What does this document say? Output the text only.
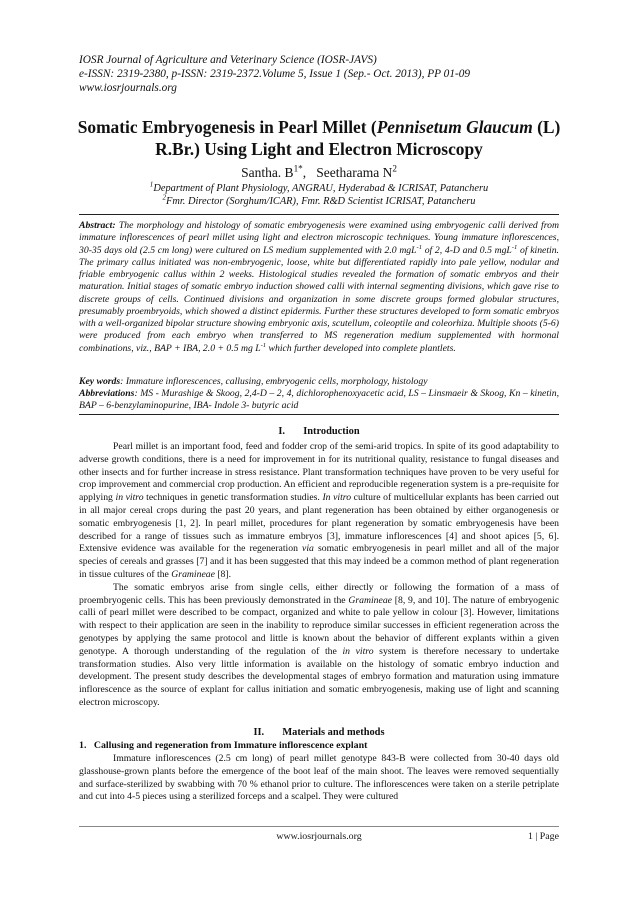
IOSR Journal of Agriculture and Veterinary Science (IOSR-JAVS)
e-ISSN: 2319-2380, p-ISSN: 2319-2372.Volume 5, Issue 1 (Sep.- Oct. 2013), PP 01-09
www.iosrjournals.org
Somatic Embryogenesis in Pearl Millet (Pennisetum Glaucum (L) R.Br.) Using Light and Electron Microscopy
Santha. $B^{1*}$,   Seetharama $N^2$
$^1$Department of Plant Physiology, ANGRAU, Hyderabad & ICRISAT, Patancheru
$^2$Fmr. Director (Sorghum/ICAR), Fmr. R&D Scientist ICRISAT, Patancheru
Abstract: The morphology and histology of somatic embryogenesis were examined using embryogenic calli derived from immature inflorescences of pearl millet using light and electron microscopic techniques. Young immature inflorescences, 30-35 days old (2.5 cm long) were cultured on LS medium supplemented with 2.0 mgL$^{-1}$ of 2, 4-D and 0.5 mgL$^{-1}$ of kinetin. The primary callus initiated was non-embryogenic, loose, white but differentiated rapidly into pale yellow, nodular and friable embryogenic callus within 2 weeks. Histological studies revealed the formation of somatic embryos and their maturation. Initial stages of somatic embryo induction showed calli with internal segmenting divisions, which gave rise to discrete groups of cells. Continued divisions and organization in some discrete groups formed globular structures, presumably proembryoids, which showed a distinct epidermis. Further these structures developed to form somatic embryos with a well-organized bipolar structure showing embryonic axis, scutellum, coleoptile and coleorhiza. Multiple shoots (5-6) were produced from each embryo when transferred to MS regeneration medium supplemented with hormonal combinations, viz., BAP + IBA, 2.0 + 0.5 mg $L^{-1}$ which further developed into complete plantlets.
Key words: Immature inflorescences, callusing, embryogenic cells, morphology, histology
Abbreviations: MS - Murashige & Skoog, 2,4-D – 2, 4, dichlorophenoxyacetic acid, LS – Linsmaeir & Skoog, Kn – kinetin, BAP – 6-benzylaminopurine, IBA- Indole 3- butyric acid
I.       Introduction

Pearl millet is an important food, feed and fodder crop of the semi-arid tropics. In spite of its good adaptability to adverse growth conditions, there is a need for improvement in for its nutritional quality, resistance to fungal diseases and other insects and for further increase in stress resistance. Plant transformation techniques have proven to be very useful for crop improvement and commercial crop production. An efficient and reproducible regeneration system is a pre-requisite for applying in vitro techniques in genetic transformation studies. In vitro culture of multicellular explants has been carried out in all major cereal crops during the past 20 years, and plant regeneration has been obtained by either organogenesis or somatic embryogenesis [1, 2]. In pearl millet, procedures for plant regeneration by somatic embryogenesis have been described for a range of tissues such as immature embryos [3], immature inflorescences [4] and shoot apices [5, 6]. Extensive evidence was available for the regeneration via somatic embryogenesis in pearl millet and all of the major species of cereals and grasses [7] and it has been suggested that this may indeed be a common method of plant regeneration in tissue cultures of the Gramineae [8].

The somatic embryos arise from single cells, either directly or following the formation of a mass of proembryogenic cells. This has been previously demonstrated in the Gramineae [8, 9, and 10]. The nature of embryogenic calli of pearl millet were described to be compact, organized and white to pale yellow in colour [3]. However, limitations with respect to their application are seen in the inability to reproduce similar successes in efficient regeneration across the genotypes by applying the same protocol and little is known about the behavior of different explants within a given genotype. A thorough understanding of the regulation of the in vitro system is therefore necessary to undertake transformation studies. Also very little information is available on the histology of somatic embryo induction and development. The present study describes the developmental stages of embryo formation and maturation using immature inflorescence as the source of explant for callus initiation and somatic embryogenesis, making use of light and scanning electron microscopy.

II.       Materials and methods
1.   Callusing and regeneration from Immature inflorescence explant

Immature inflorescences (2.5 cm long) of pearl millet genotype 843-B were collected from 30-40 days old glasshouse-grown plants before the emergence of the boot leaf of the main shoot. The leaves were removed sequentially and surface-sterilized by swabbing with 70 % ethanol prior to culture. The inflorescences were taken on a sterile petriplate and cut into 4-5 pieces using a sterilized forceps and a scalpel. They were cultured

www.iosrjournals.org	1 | Page
